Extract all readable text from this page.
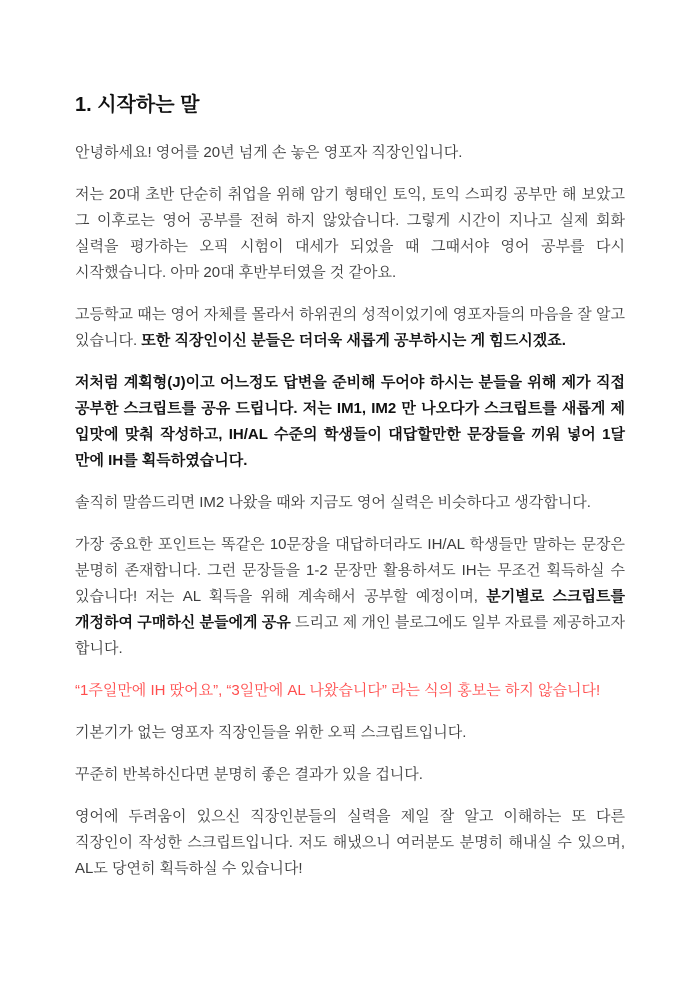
1. 시작하는 말

안녕하세요! 영어를 20년 넘게 손 놓은 영포자 직장인입니다.

저는 20대 초반 단순히 취업을 위해 암기 형태인 토익, 토익 스피킹 공부만 해 보았고 그 이후로는 영어 공부를 전혀 하지 않았습니다. 그렇게 시간이 지나고 실제 회화 실력을 평가하는 오픽 시험이 대세가 되었을 때 그때서야 영어 공부를 다시 시작했습니다. 아마 20대 후반부터였을 것 같아요.

고등학교 때는 영어 자체를 몰라서 하위권의 성적이었기에 영포자들의 마음을 잘 알고 있습니다. 또한 직장인이신 분들은 더더욱 새롭게 공부하시는 게 힘드시겠죠.

저처럼 계획형(J)이고 어느정도 답변을 준비해 두어야 하시는 분들을 위해 제가 직접 공부한 스크립트를 공유 드립니다. 저는 IM1, IM2 만 나오다가 스크립트를 새롭게 제 입맛에 맞춰 작성하고, IH/AL 수준의 학생들이 대답할만한 문장들을 끼워 넣어 1달 만에 IH를 획득하였습니다.

솔직히 말씀드리면 IM2 나왔을 때와 지금도 영어 실력은 비슷하다고 생각합니다.

가장 중요한 포인트는 똑같은 10문장을 대답하더라도 IH/AL 학생들만 말하는 문장은 분명히 존재합니다. 그런 문장들을 1-2 문장만 활용하셔도 IH는 무조건 획득하실 수 있습니다! 저는 AL 획득을 위해 계속해서 공부할 예정이며, 분기별로 스크립트를 개정하여 구매하신 분들에게 공유 드리고 제 개인 블로그에도 일부 자료를 제공하고자 합니다.

“1주일만에 IH 땄어요”, “3일만에 AL 나왔습니다” 라는 식의 홍보는 하지 않습니다!

기본기가 없는 영포자 직장인들을 위한 오픽 스크립트입니다.

꾸준히 반복하신다면 분명히 좋은 결과가 있을 겁니다.

영어에 두려움이 있으신 직장인분들의 실력을 제일 잘 알고 이해하는 또 다른 직장인이 작성한 스크립트입니다. 저도 해냈으니 여러분도 분명히 해내실 수 있으며, AL도 당연히 획득하실 수 있습니다!
